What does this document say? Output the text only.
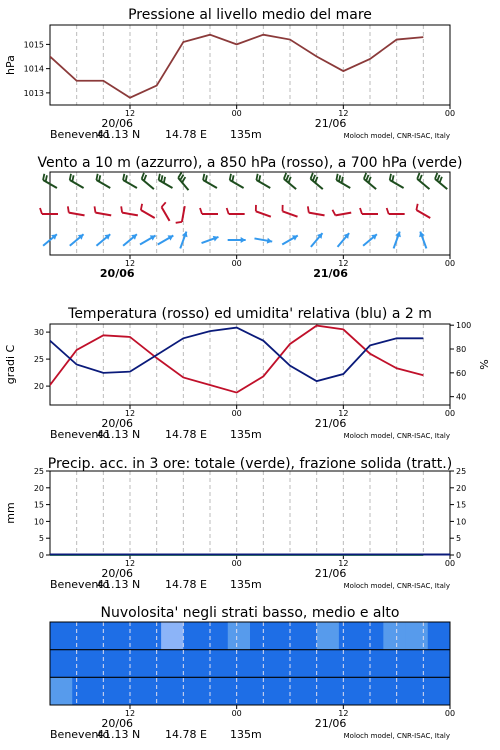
Pressione al livello medio del mare
12	00	12	00
20/06	21/06
Benevento
41.13 N 14.78 E 135m	Moloch model, CNR-ISAC, Italy
1013
1014
1015
hPa
Vento a 10 m (azzurro), a 850 hPa (rosso), a 700 hPa (verde)
12	00	12	00
20/06	21/06
Temperatura (rosso) ed umidita' relativa (blu) a 2 m
12	00	12	00
20/06	21/06
Benevento
41.13 N 14.78 E 135m	Moloch model, CNR-ISAC, Italy
20
25
30
gradi C
40
60
80
100
%
Precip. acc. in 3 ore: totale (verde), frazione solida (tratt.)
12	00	12	00
20/06	21/06
Benevento
41.13 N 14.78 E 135m	Moloch model, CNR-ISAC, Italy
0	0
5	5
10	10
15	15
20	20
25	25
mm
Nuvolosita' negli strati basso, medio e alto
12	00	12	00
20/06	21/06
Benevento
41.13 N 14.78 E 135m	Moloch model, CNR-ISAC, Italy
